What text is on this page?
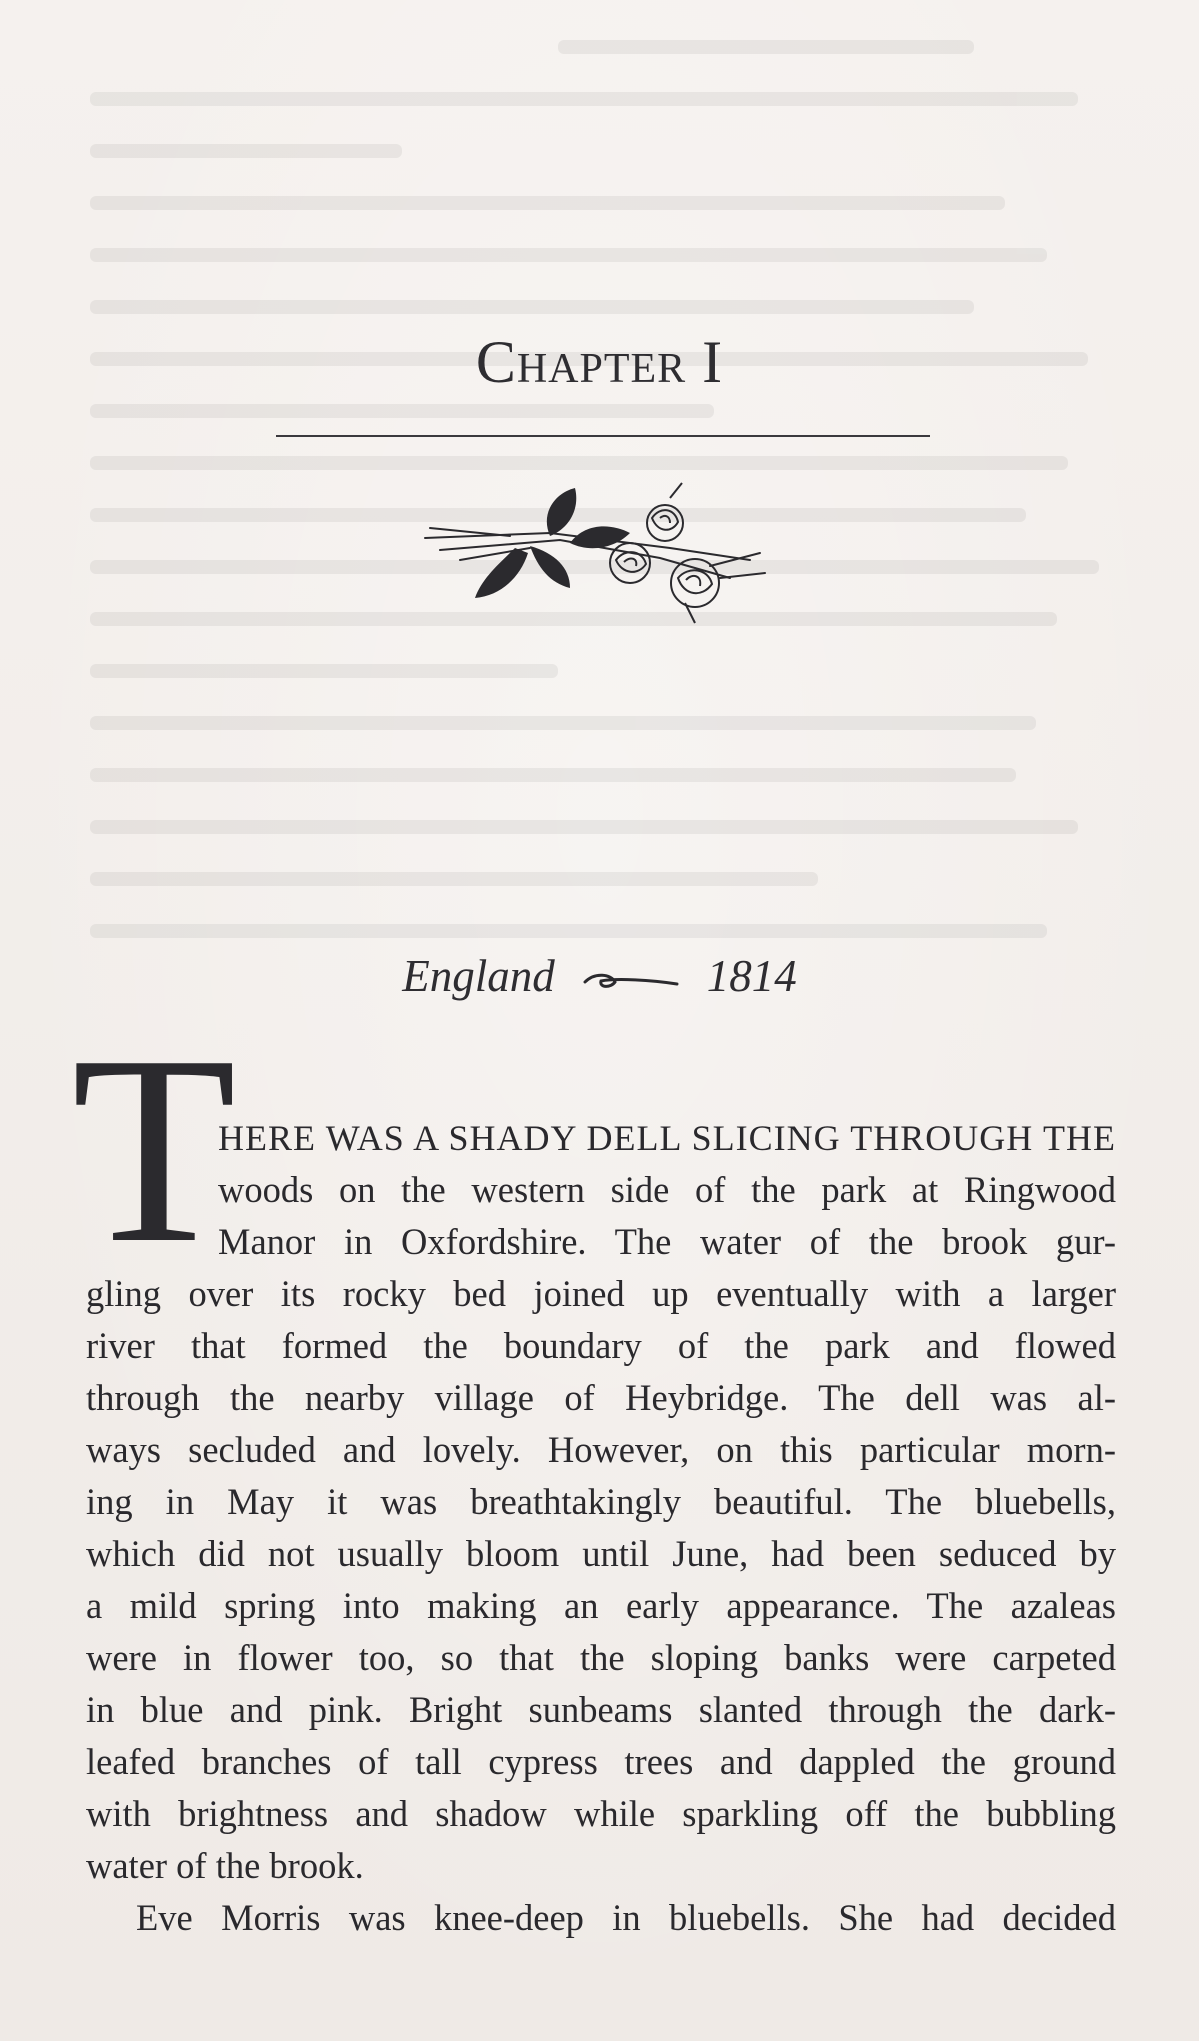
Chapter I
England	1814
T
HERE WAS A SHADY DELL SLICING THROUGH THE
woods on the western side of the park at Ringwood
Manor in Oxfordshire. The water of the brook gur-
gling over its rocky bed joined up eventually with a larger
river that formed the boundary of the park and flowed
through the nearby village of Heybridge. The dell was al-
ways secluded and lovely. However, on this particular morn-
ing in May it was breathtakingly beautiful. The bluebells,
which did not usually bloom until June, had been seduced by
a mild spring into making an early appearance. The azaleas
were in flower too, so that the sloping banks were carpeted
in blue and pink. Bright sunbeams slanted through the dark-
leafed branches of tall cypress trees and dappled the ground
with brightness and shadow while sparkling off the bubbling
water of the brook.
Eve Morris was knee-deep in bluebells. She had decided
